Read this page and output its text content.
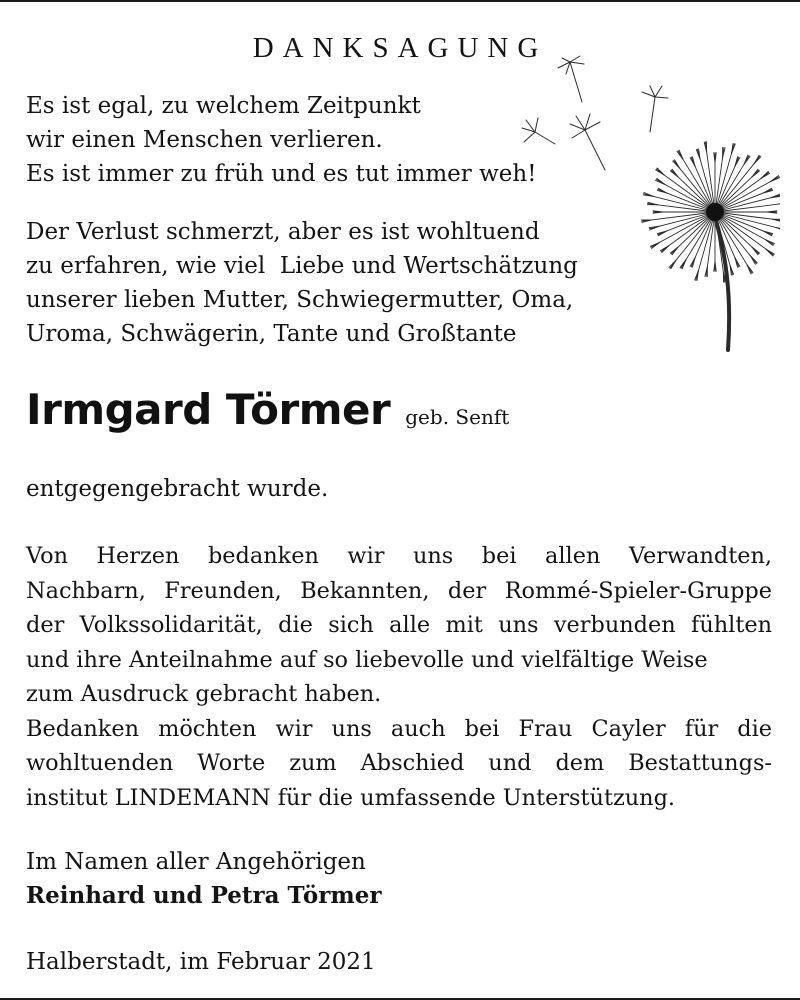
DANKSAGUNG
Es ist egal, zu welchem Zeitpunkt
wir einen Menschen verlieren.
Es ist immer zu früh und es tut immer weh!
Der Verlust schmerzt, aber es ist wohltuend
zu erfahren, wie viel  Liebe und Wertschätzung
unserer lieben Mutter, Schwiegermutter, Oma,
Uroma, Schwägerin, Tante und Großtante
Irmgard Törmer geb. Senft
entgegengebracht wurde.
Von Herzen bedanken wir uns bei allen Verwandten,
Nachbarn, Freunden, Bekannten, der Rommé-Spieler-Gruppe
der Volkssolidarität, die sich alle mit uns verbunden fühlten
und ihre Anteilnahme auf so liebevolle und vielfältige Weise
zum Ausdruck gebracht haben.
Bedanken möchten wir uns auch bei Frau Cayler für die
wohltuenden Worte zum Abschied und dem Bestattungs-
institut LINDEMANN für die umfassende Unterstützung.
Im Namen aller Angehörigen
Reinhard und Petra Törmer
Halberstadt, im Februar 2021
